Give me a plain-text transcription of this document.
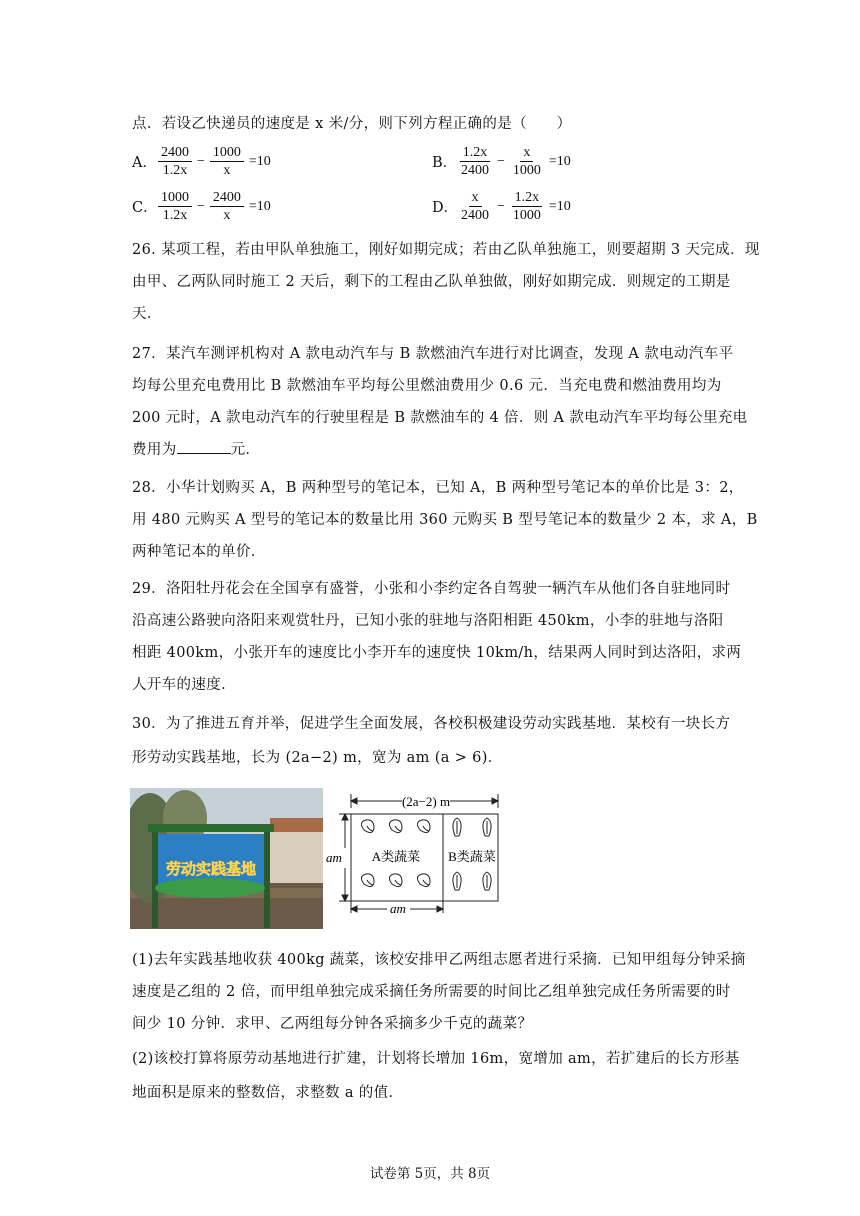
点．若设乙快递员的速度是 x 米/分，则下列方程正确的是（　　）
A． $\frac{2400}{1.2x} - \frac{1000}{x} =10$	B． $\frac{1.2x}{2400} - \frac{x}{1000} =10$
C． $\frac{1000}{1.2x} - \frac{2400}{x} =10$	D． $\frac{x}{2400} - \frac{1.2x}{1000} =10$
26. 某项工程，若由甲队单独施工，刚好如期完成；若由乙队单独施工，则要超期 3 天完成．现
由甲、乙两队同时施工 2 天后，剩下的工程由乙队单独做，刚好如期完成．则规定的工期是
天．
27．某汽车测评机构对 A 款电动汽车与 B 款燃油汽车进行对比调查，发现 A 款电动汽车平
均每公里充电费用比 B 款燃油车平均每公里燃油费用少 0.6 元．当充电费和燃油费用均为
200 元时，A 款电动汽车的行驶里程是 B 款燃油车的 4 倍．则 A 款电动汽车平均每公里充电
费用为	元．
28．小华计划购买 A，B 两种型号的笔记本，已知 A，B 两种型号笔记本的单价比是 3：2，
用 480 元购买 A 型号的笔记本的数量比用 360 元购买 B 型号笔记本的数量少 2 本，求 A，B
两种笔记本的单价．
29．洛阳牡丹花会在全国享有盛誉，小张和小李约定各自驾驶一辆汽车从他们各自驻地同时
沿高速公路驶向洛阳来观赏牡丹，已知小张的驻地与洛阳相距 450km，小李的驻地与洛阳
相距 400km，小张开车的速度比小李开车的速度快 10km/h，结果两人同时到达洛阳，求两
人开车的速度．
30．为了推进五育并举，促进学生全面发展，各校积极建设劳动实践基地．某校有一块长方
形劳动实践基地，长为 (2a−2) m，宽为 am (a > 6)．
劳动实践基地
(2a−2) m
am
am
A类蔬菜 B类蔬菜
(1)去年实践基地收获 400kg 蔬菜，该校安排甲乙两组志愿者进行采摘．已知甲组每分钟采摘
速度是乙组的 2 倍，而甲组单独完成采摘任务所需要的时间比乙组单独完成任务所需要的时
间少 10 分钟．求甲、乙两组每分钟各采摘多少千克的蔬菜？
(2)该校打算将原劳动基地进行扩建，计划将长增加 16m，宽增加 am，若扩建后的长方形基
地面积是原来的整数倍，求整数 a 的值．
试卷第 5页，共 8页
